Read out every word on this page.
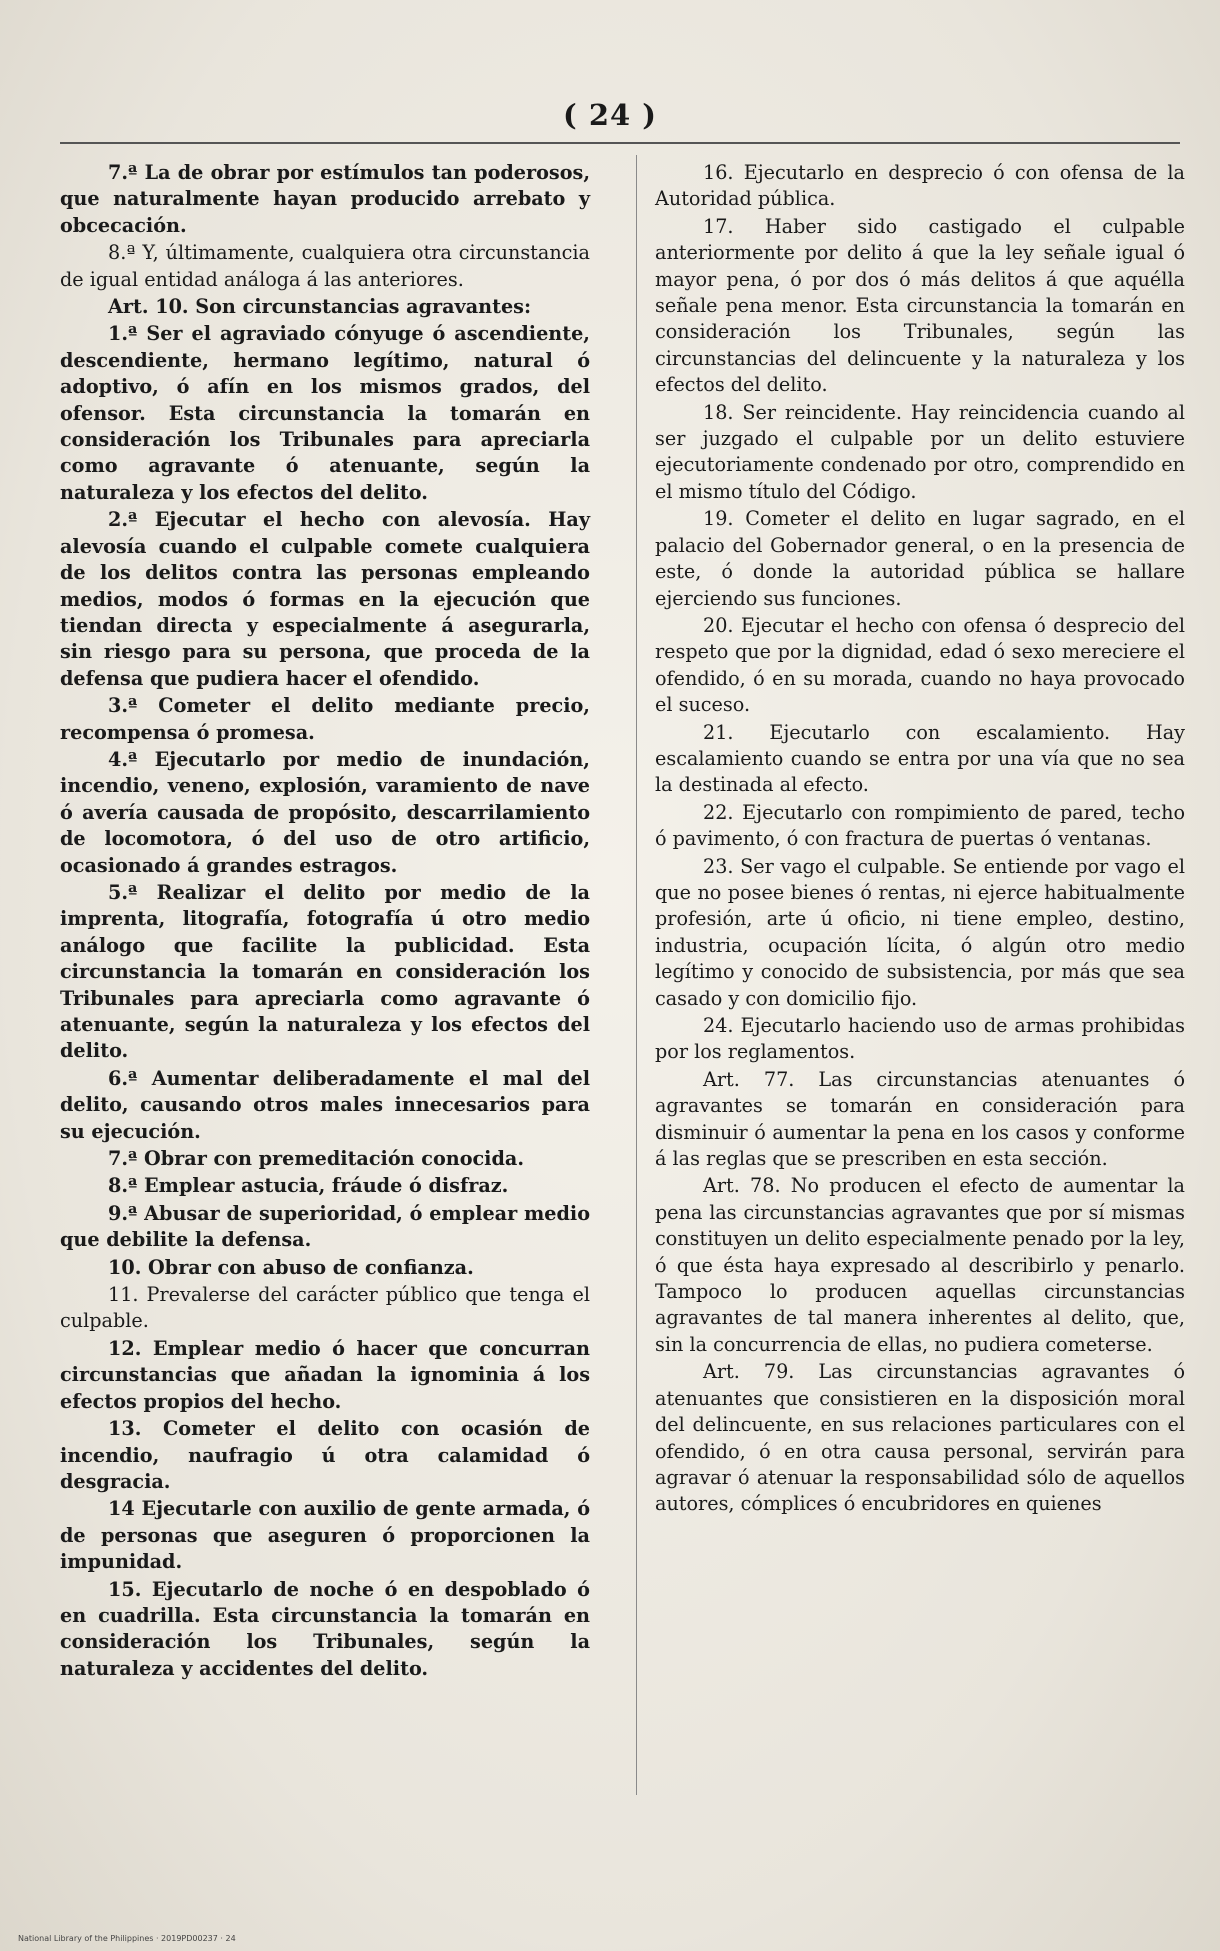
( 24 )

7.ª La de obrar por estímulos tan poderosos, que naturalmente hayan producido arrebato y obcecación.

8.ª Y, últimamente, cualquiera otra circunstancia de igual entidad análoga á las anteriores.

Art. 10. Son circunstancias agravantes:

1.ª Ser el agraviado cónyuge ó ascendiente, descendiente, hermano legítimo, natural ó adoptivo, ó afín en los mismos grados, del ofensor. Esta circunstancia la tomarán en consideración los Tribunales para apreciarla como agravante ó atenuante, según la naturaleza y los efectos del delito.

2.ª Ejecutar el hecho con alevosía. Hay alevosía cuando el culpable comete cualquiera de los delitos contra las personas empleando medios, modos ó formas en la ejecución que tiendan directa y especialmente á asegurarla, sin riesgo para su persona, que proceda de la defensa que pudiera hacer el ofendido.

3.ª Cometer el delito mediante precio, recompensa ó promesa.

4.ª Ejecutarlo por medio de inundación, incendio, veneno, explosión, varamiento de nave ó avería causada de propósito, descarrilamiento de locomotora, ó del uso de otro artificio, ocasionado á grandes estragos.

5.ª Realizar el delito por medio de la imprenta, litografía, fotografía ú otro medio análogo que facilite la publicidad. Esta circunstancia la tomarán en consideración los Tribunales para apreciarla como agravante ó atenuante, según la naturaleza y los efectos del delito.

6.ª Aumentar deliberadamente el mal del delito, causando otros males innecesarios para su ejecución.

7.ª Obrar con premeditación conocida.

8.ª Emplear astucia, fráude ó disfraz.

9.ª Abusar de superioridad, ó emplear medio que debilite la defensa.

10. Obrar con abuso de confianza.

11. Prevalerse del carácter público que tenga el culpable.

12. Emplear medio ó hacer que concurran circunstancias que añadan la ignominia á los efectos propios del hecho.

13. Cometer el delito con ocasión de incendio, naufragio ú otra calamidad ó desgracia.

14 Ejecutarle con auxilio de gente armada, ó de personas que aseguren ó proporcionen la impunidad.

15. Ejecutarlo de noche ó en despoblado ó en cuadrilla. Esta circunstancia la tomarán en consideración los Tribunales, según la naturaleza y accidentes del delito.

16. Ejecutarlo en desprecio ó con ofensa de la Autoridad pública.

17. Haber sido castigado el culpable anteriormente por delito á que la ley señale igual ó mayor pena, ó por dos ó más delitos á que aquélla señale pena menor. Esta circunstancia la tomarán en consideración los Tribunales, según las circunstancias del delincuente y la naturaleza y los efectos del delito.

18. Ser reincidente. Hay reincidencia cuando al ser juzgado el culpable por un delito estuviere ejecutoriamente condenado por otro, comprendido en el mismo título del Código.

19. Cometer el delito en lugar sagrado, en el palacio del Gobernador general, o en la presencia de este, ó donde la autoridad pública se hallare ejerciendo sus funciones.

20. Ejecutar el hecho con ofensa ó desprecio del respeto que por la dignidad, edad ó sexo mereciere el ofendido, ó en su morada, cuando no haya provocado el suceso.

21. Ejecutarlo con escalamiento. Hay escalamiento cuando se entra por una vía que no sea la destinada al efecto.

22. Ejecutarlo con rompimiento de pared, techo ó pavimento, ó con fractura de puertas ó ventanas.

23. Ser vago el culpable. Se entiende por vago el que no posee bienes ó rentas, ni ejerce habitualmente profesión, arte ú oficio, ni tiene empleo, destino, industria, ocupación lícita, ó algún otro medio legítimo y conocido de subsistencia, por más que sea casado y con domicilio fijo.

24. Ejecutarlo haciendo uso de armas prohibidas por los reglamentos.

Art. 77. Las circunstancias atenuantes ó agravantes se tomarán en consideración para disminuir ó aumentar la pena en los casos y conforme á las reglas que se prescriben en esta sección.

Art. 78. No producen el efecto de aumentar la pena las circunstancias agravantes que por sí mismas constituyen un delito especialmente penado por la ley, ó que ésta haya expresado al describirlo y penarlo. Tampoco lo producen aquellas circunstancias agravantes de tal manera inherentes al delito, que, sin la concurrencia de ellas, no pudiera cometerse.

Art. 79. Las circunstancias agravantes ó atenuantes que consistieren en la disposición moral del delincuente, en sus relaciones particulares con el ofendido, ó en otra causa personal, servirán para agravar ó atenuar la responsabilidad sólo de aquellos autores, cómplices ó encubridores en quienes

National Library of the Philippines · 2019PD00237 · 24
